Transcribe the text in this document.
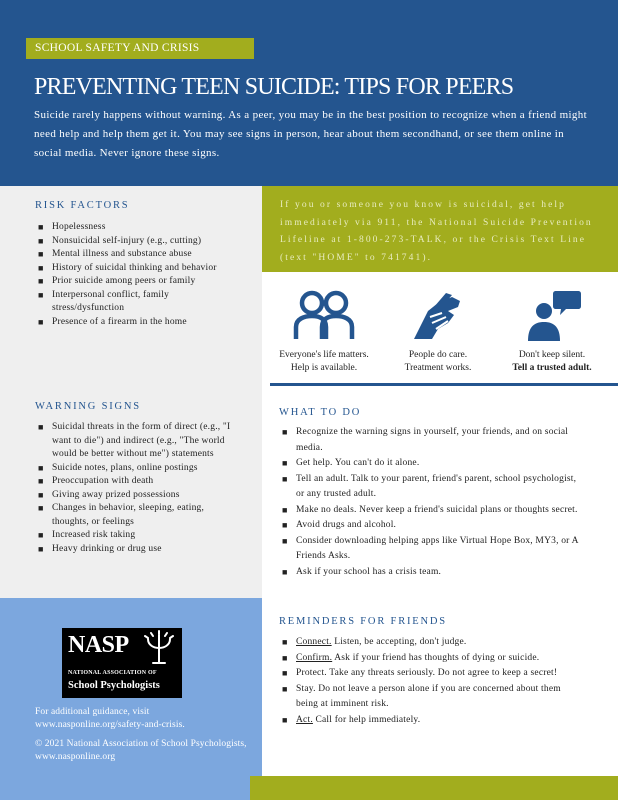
SCHOOL SAFETY AND CRISIS
PREVENTING TEEN SUICIDE: TIPS FOR PEERS
Suicide rarely happens without warning. As a peer, you may be in the best position to recognize when a friend might need help and help them get it. You may see signs in person, hear about them secondhand, or see them online in social media. Never ignore these signs.
RISK FACTORS
■ Hopelessness
■ Nonsuicidal self-injury (e.g., cutting)
■ Mental illness and substance abuse
■ History of suicidal thinking and behavior
■ Prior suicide among peers or family
■ Interpersonal conflict, family stress/dysfunction
■ Presence of a firearm in the home
WARNING SIGNS
■ Suicidal threats in the form of direct (e.g., "I want to die") and indirect (e.g., "The world would be better without me") statements
■ Suicide notes, plans, online postings
■ Preoccupation with death
■ Giving away prized possessions
■ Changes in behavior, sleeping, eating, thoughts, or feelings
■ Increased risk taking
■ Heavy drinking or drug use
NASP
NATIONAL ASSOCIATION OF
School Psychologists
For additional guidance, visit www.nasponline.org/safety-and-crisis.
© 2021 National Association of School Psychologists, www.nasponline.org
If you or someone you know is suicidal, get help immediately via 911, the National Suicide Prevention Lifeline at 1-800-273-TALK, or the Crisis Text Line (text "HOME" to 741741).
Everyone's life matters.
Help is available.
People do care.
Treatment works.
Don't keep silent.
Tell a trusted adult.
WHAT TO DO
■ Recognize the warning signs in yourself, your friends, and on social media.
■ Get help. You can't do it alone.
■ Tell an adult. Talk to your parent, friend's parent, school psychologist, or any trusted adult.
■ Make no deals. Never keep a friend's suicidal plans or thoughts secret.
■ Avoid drugs and alcohol.
■ Consider downloading helping apps like Virtual Hope Box, MY3, or A Friends Asks.
■ Ask if your school has a crisis team.
REMINDERS FOR FRIENDS
■ Connect. Listen, be accepting, don't judge.
■ Confirm. Ask if your friend has thoughts of dying or suicide.
■ Protect. Take any threats seriously. Do not agree to keep a secret!
■ Stay. Do not leave a person alone if you are concerned about them being at imminent risk.
■ Act. Call for help immediately.
